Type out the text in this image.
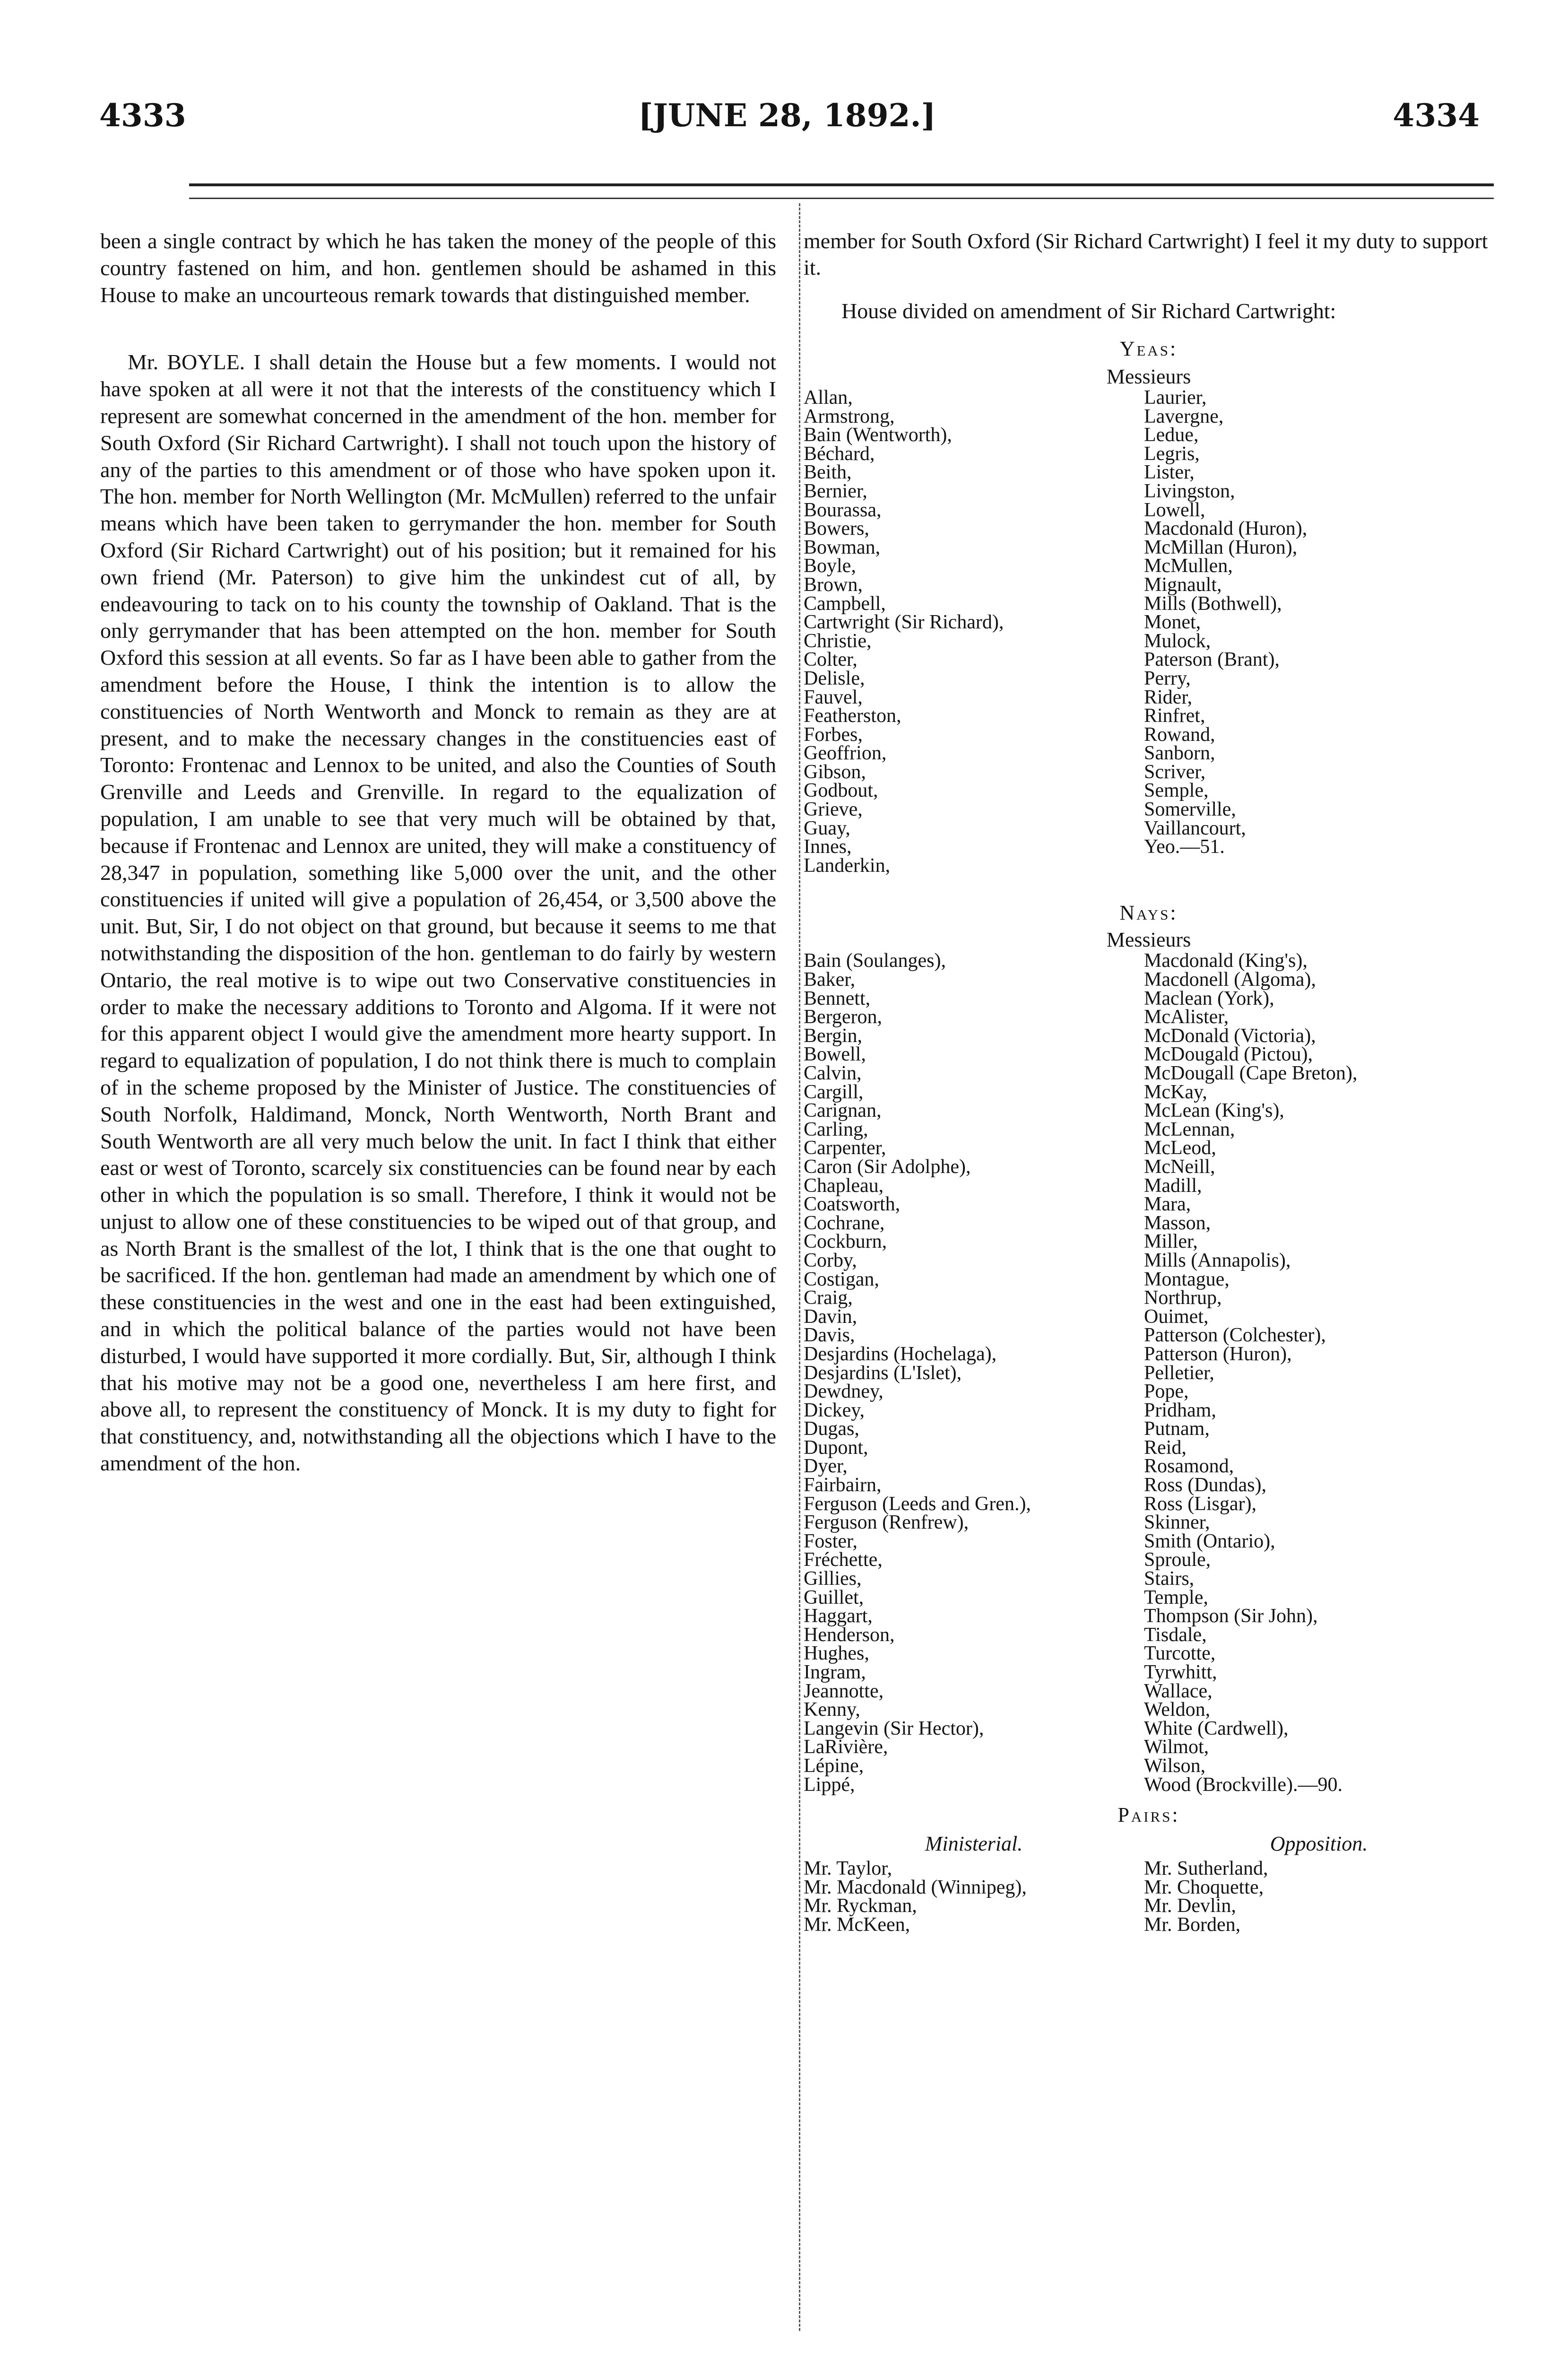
4333	[JUNE 28, 1892.]	4334

been a single contract by which he has taken the money of the people of this country fastened on him, and hon. gentlemen should be ashamed in this House to make an uncourteous remark towards that distinguished member.

Mr. BOYLE. I shall detain the House but a few moments. I would not have spoken at all were it not that the interests of the constituency which I represent are somewhat concerned in the amendment of the hon. member for South Oxford (Sir Richard Cartwright). I shall not touch upon the history of any of the parties to this amendment or of those who have spoken upon it. The hon. member for North Wellington (Mr. McMullen) referred to the unfair means which have been taken to gerrymander the hon. member for South Oxford (Sir Richard Cartwright) out of his position; but it remained for his own friend (Mr. Paterson) to give him the unkindest cut of all, by endeavouring to tack on to his county the township of Oakland. That is the only gerrymander that has been attempted on the hon. member for South Oxford this session at all events. So far as I have been able to gather from the amendment before the House, I think the intention is to allow the constituencies of North Wentworth and Monck to remain as they are at present, and to make the necessary changes in the constituencies east of Toronto: Frontenac and Lennox to be united, and also the Counties of South Grenville and Leeds and Grenville. In regard to the equalization of population, I am unable to see that very much will be obtained by that, because if Frontenac and Lennox are united, they will make a constituency of 28,347 in population, something like 5,000 over the unit, and the other constituencies if united will give a population of 26,454, or 3,500 above the unit. But, Sir, I do not object on that ground, but because it seems to me that notwithstanding the disposition of the hon. gentleman to do fairly by western Ontario, the real motive is to wipe out two Conservative constituencies in order to make the necessary additions to Toronto and Algoma. If it were not for this apparent object I would give the amendment more hearty support. In regard to equalization of population, I do not think there is much to complain of in the scheme proposed by the Minister of Justice. The constituencies of South Norfolk, Haldimand, Monck, North Wentworth, North Brant and South Wentworth are all very much below the unit. In fact I think that either east or west of Toronto, scarcely six constituencies can be found near by each other in which the population is so small. Therefore, I think it would not be unjust to allow one of these constituencies to be wiped out of that group, and as North Brant is the smallest of the lot, I think that is the one that ought to be sacrificed. If the hon. gentleman had made an amendment by which one of these constituencies in the west and one in the east had been extinguished, and in which the political balance of the parties would not have been disturbed, I would have supported it more cordially. But, Sir, although I think that his motive may not be a good one, nevertheless I am here first, and above all, to represent the constituency of Monck. It is my duty to fight for that constituency, and, notwithstanding all the objections which I have to the amendment of the hon.

member for South Oxford (Sir Richard Cartwright) I feel it my duty to support it.

House divided on amendment of Sir Richard Cartwright:

Yeas:
Messieurs
Allan,	Laurier,
Armstrong,	Lavergne,
Bain (Wentworth),	Ledue,
Béchard,	Legris,
Beith,	Lister,
Bernier,	Livingston,
Bourassa,	Lowell,
Bowers,	Macdonald (Huron),
Bowman,	McMillan (Huron),
Boyle,	McMullen,
Brown,	Mignault,
Campbell,	Mills (Bothwell),
Cartwright (Sir Richard),	Monet,
Christie,	Mulock,
Colter,	Paterson (Brant),
Delisle,	Perry,
Fauvel,	Rider,
Featherston,	Rinfret,
Forbes,	Rowand,
Geoffrion,	Sanborn,
Gibson,	Scriver,
Godbout,	Semple,
Grieve,	Somerville,
Guay,	Vaillancourt,
Innes,	Yeo.—51.
Landerkin,
Nays:
Messieurs
Bain (Soulanges),	Macdonald (King's),
Baker,	Macdonell (Algoma),
Bennett,	Maclean (York),
Bergeron,	McAlister,
Bergin,	McDonald (Victoria),
Bowell,	McDougald (Pictou),
Calvin,	McDougall (Cape Breton),
Cargill,	McKay,
Carignan,	McLean (King's),
Carling,	McLennan,
Carpenter,	McLeod,
Caron (Sir Adolphe),	McNeill,
Chapleau,	Madill,
Coatsworth,	Mara,
Cochrane,	Masson,
Cockburn,	Miller,
Corby,	Mills (Annapolis),
Costigan,	Montague,
Craig,	Northrup,
Davin,	Ouimet,
Davis,	Patterson (Colchester),
Desjardins (Hochelaga),	Patterson (Huron),
Desjardins (L'Islet),	Pelletier,
Dewdney,	Pope,
Dickey,	Pridham,
Dugas,	Putnam,
Dupont,	Reid,
Dyer,	Rosamond,
Fairbairn,	Ross (Dundas),
Ferguson (Leeds and Gren.),	Ross (Lisgar),
Ferguson (Renfrew),	Skinner,
Foster,	Smith (Ontario),
Fréchette,	Sproule,
Gillies,	Stairs,
Guillet,	Temple,
Haggart,	Thompson (Sir John),
Henderson,	Tisdale,
Hughes,	Turcotte,
Ingram,	Tyrwhitt,
Jeannotte,	Wallace,
Kenny,	Weldon,
Langevin (Sir Hector),	White (Cardwell),
LaRivière,	Wilmot,
Lépine,	Wilson,
Lippé,	Wood (Brockville).—90.
Pairs:
Ministerial.	Opposition.
Mr. Taylor,	Mr. Sutherland,
Mr. Macdonald (Winnipeg),	Mr. Choquette,
Mr. Ryckman,	Mr. Devlin,
Mr. McKeen,	Mr. Borden,
